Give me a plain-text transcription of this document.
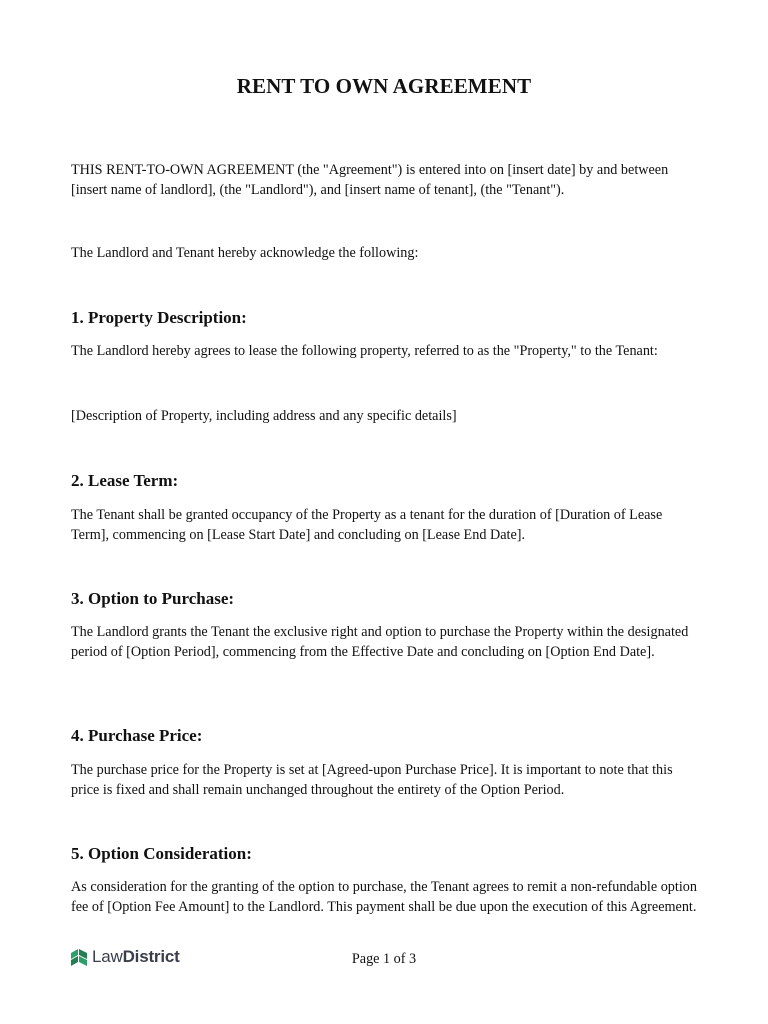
RENT TO OWN AGREEMENT

THIS RENT-TO-OWN AGREEMENT (the "Agreement") is entered into on [insert date] by and between [insert name of landlord], (the "Landlord"), and [insert name of tenant], (the "Tenant").

The Landlord and Tenant hereby acknowledge the following:

1. Property Description:

The Landlord hereby agrees to lease the following property, referred to as the "Property," to the Tenant:

[Description of Property, including address and any specific details]

2. Lease Term:

The Tenant shall be granted occupancy of the Property as a tenant for the duration of [Duration of Lease Term], commencing on [Lease Start Date] and concluding on [Lease End Date].

3. Option to Purchase:

The Landlord grants the Tenant the exclusive right and option to purchase the Property within the designated period of [Option Period], commencing from the Effective Date and concluding on [Option End Date].

4. Purchase Price:

The purchase price for the Property is set at [Agreed-upon Purchase Price]. It is important to note that this price is fixed and shall remain unchanged throughout the entirety of the Option Period.

5. Option Consideration:

As consideration for the granting of the option to purchase, the Tenant agrees to remit a non-refundable option fee of [Option Fee Amount] to the Landlord. This payment shall be due upon the execution of this Agreement.

LawDistrict	Page 1 of 3
